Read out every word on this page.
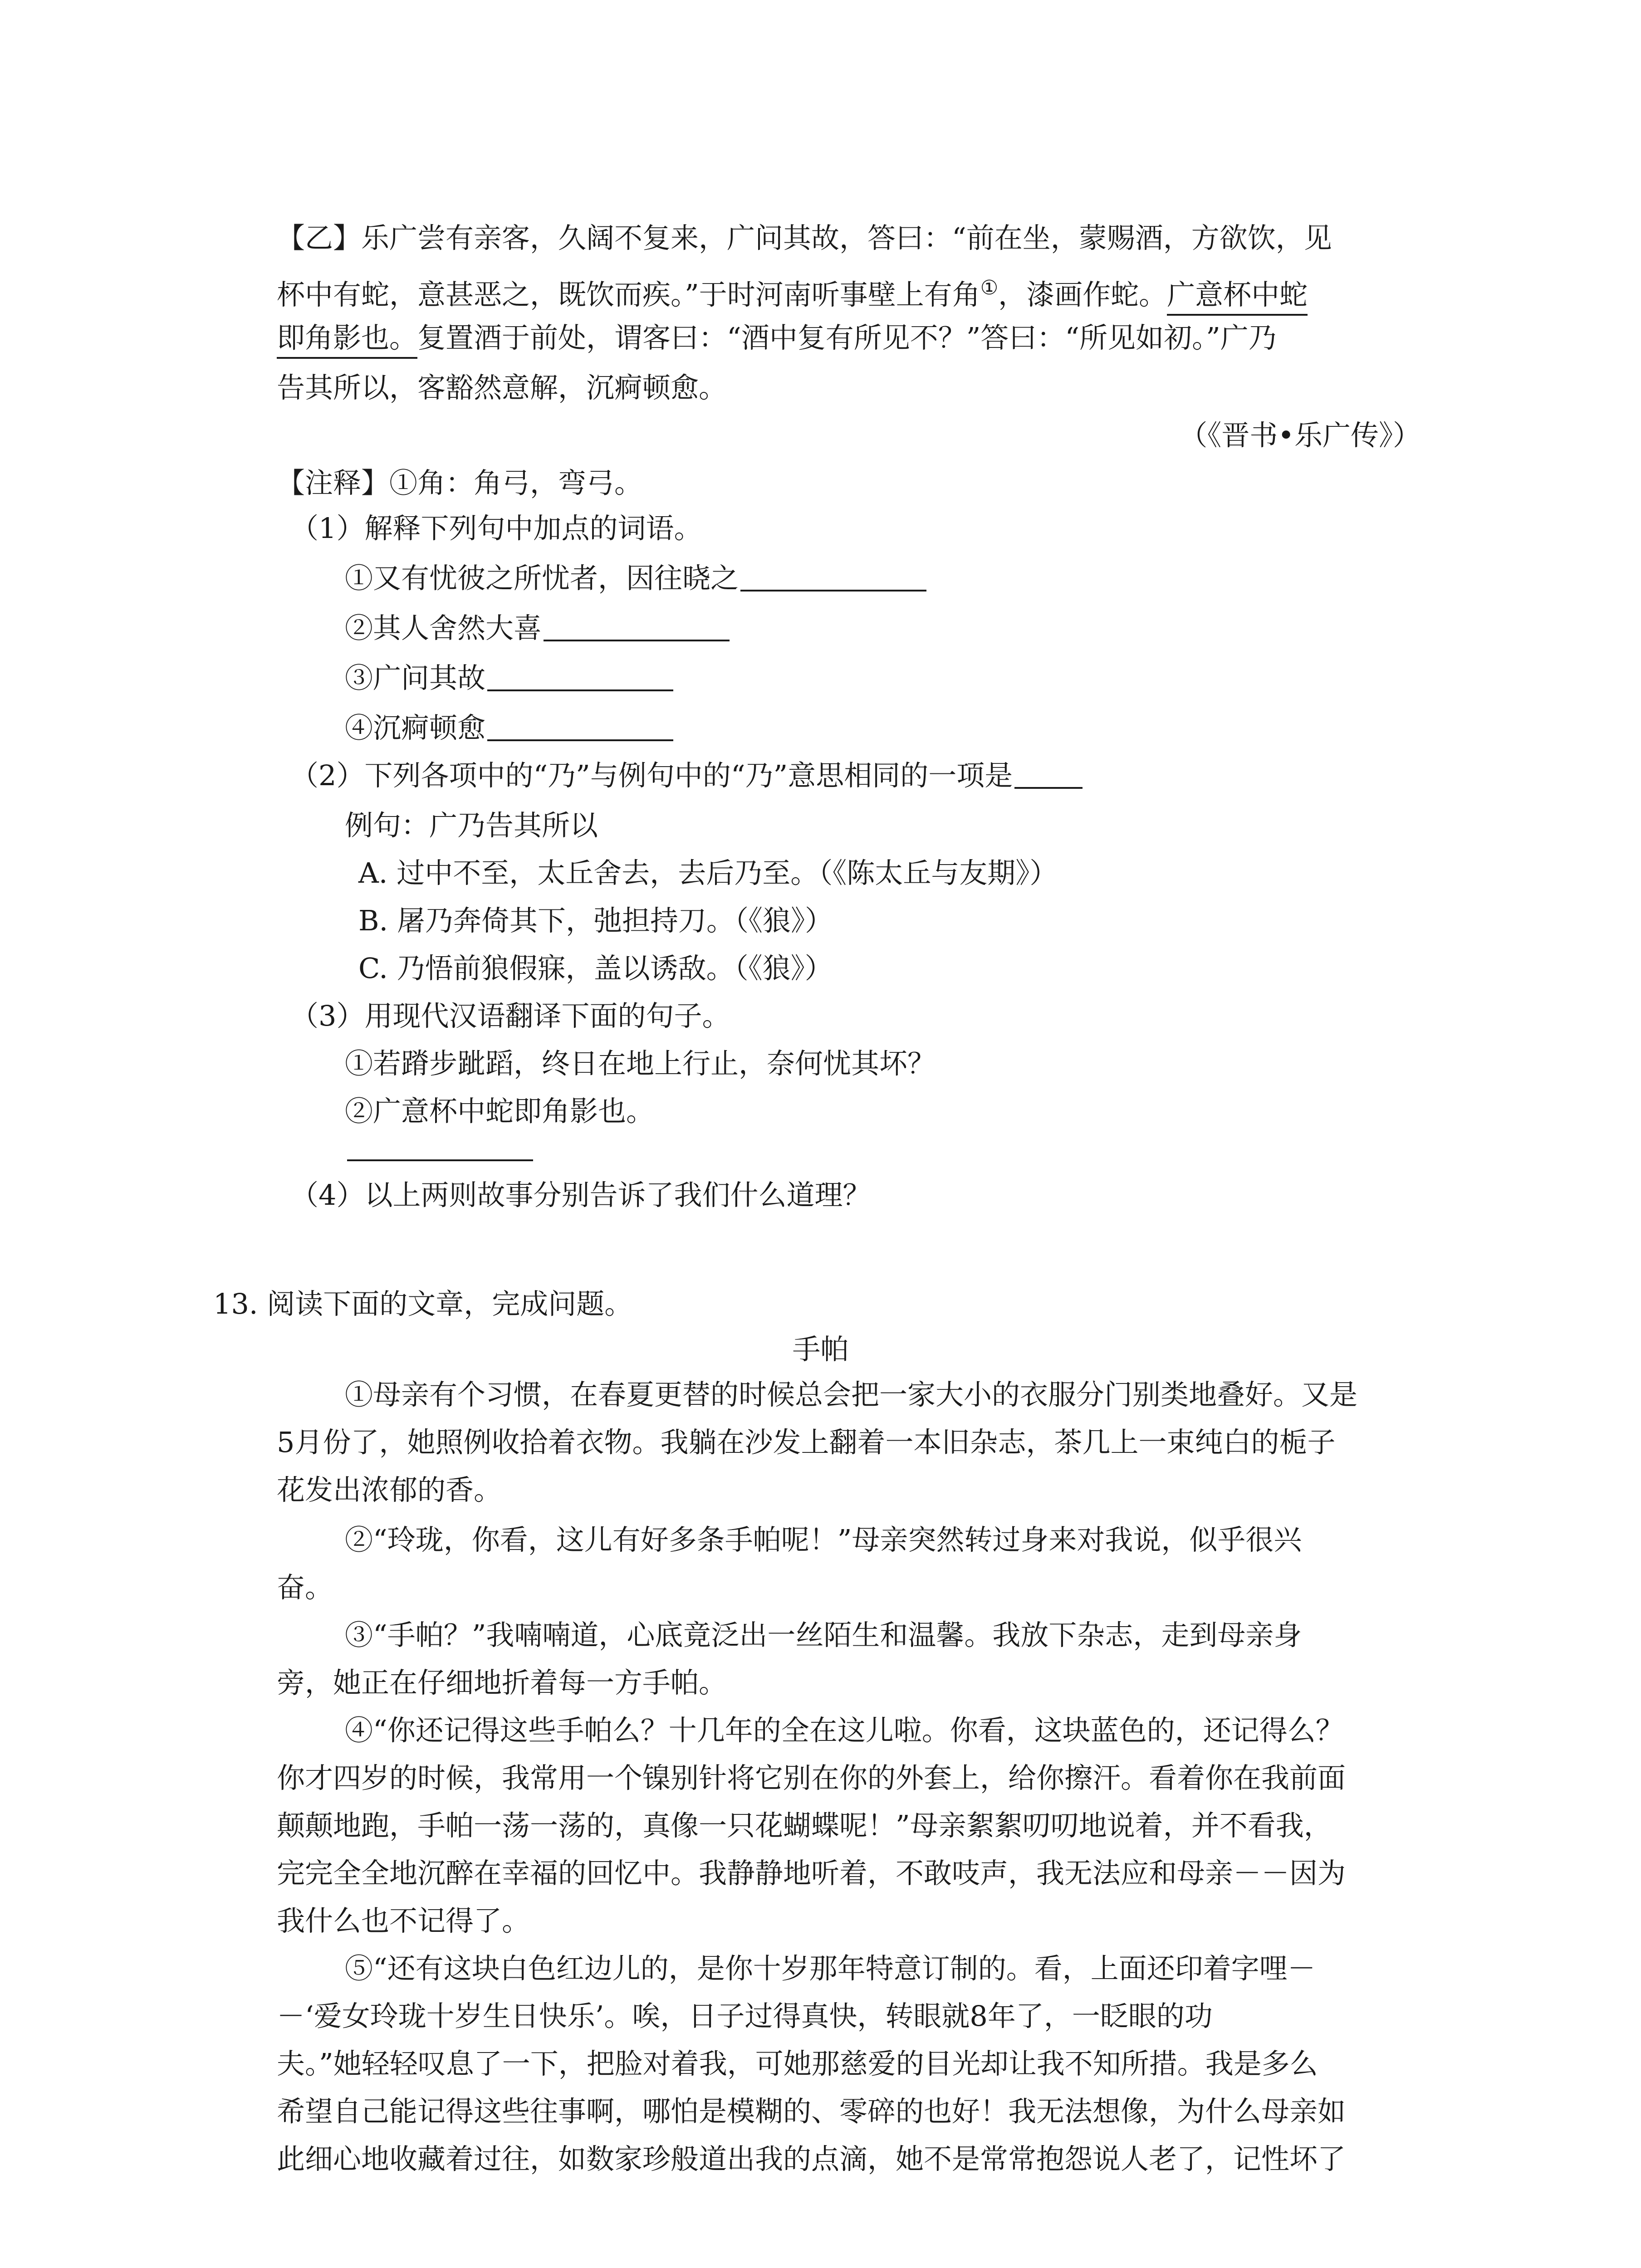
【乙】乐广尝有亲客，久阔不复来，广问其故，答曰：“前在坐，蒙赐酒，方欲饮，见
杯中有蛇，意甚恶之，既饮而疾。”于时河南听事壁上有角①，漆画作蛇。广意杯中蛇
即角影也。复置酒于前处，谓客曰：“酒中复有所见不？”答曰：“所见如初。”广乃
告其所以，客豁然意解，沉痾顿愈。
（《晋书•乐广传》）
【注释】①角：角弓，弯弓。
（1）解释下列句中加点的词语。
①又有忧彼之所忧者，因往晓之
②其人舍然大喜
③广问其故
④沉痾顿愈
（2）下列各项中的“乃”与例句中的“乃”意思相同的一项是
例句：广乃告其所以
A. 过中不至，太丘舍去，去后乃至。（《陈太丘与友期》）
B. 屠乃奔倚其下，弛担持刀。（《狼》）
C. 乃悟前狼假寐，盖以诱敌。（《狼》）
（3）用现代汉语翻译下面的句子。
①若蹐步跐蹈，终日在地上行止，奈何忧其坏？
②广意杯中蛇即角影也。
（4）以上两则故事分别告诉了我们什么道理？
13. 阅读下面的文章，完成问题。
手帕
①母亲有个习惯，在春夏更替的时候总会把一家大小的衣服分门别类地叠好。又是
5月份了，她照例收拾着衣物。我躺在沙发上翻着一本旧杂志，茶几上一束纯白的栀子
花发出浓郁的香。
②“玲珑，你看，这儿有好多条手帕呢！”母亲突然转过身来对我说，似乎很兴
奋。
③“手帕？”我喃喃道，心底竟泛出一丝陌生和温馨。我放下杂志，走到母亲身
旁，她正在仔细地折着每一方手帕。
④“你还记得这些手帕么？十几年的全在这儿啦。你看，这块蓝色的，还记得么？
你才四岁的时候，我常用一个镍别针将它别在你的外套上，给你擦汗。看着你在我前面
颠颠地跑，手帕一荡一荡的，真像一只花蝴蝶呢！”母亲絮絮叨叨地说着，并不看我，
完完全全地沉醉在幸福的回忆中。我静静地听着，不敢吱声，我无法应和母亲－－因为
我什么也不记得了。
⑤“还有这块白色红边儿的，是你十岁那年特意订制的。看，上面还印着字哩－
－‘爱女玲珑十岁生日快乐’。唉，日子过得真快，转眼就8年了，一眨眼的功
夫。”她轻轻叹息了一下，把脸对着我，可她那慈爱的目光却让我不知所措。我是多么
希望自己能记得这些往事啊，哪怕是模糊的、零碎的也好！我无法想像，为什么母亲如
此细心地收藏着过往，如数家珍般道出我的点滴，她不是常常抱怨说人老了，记性坏了
